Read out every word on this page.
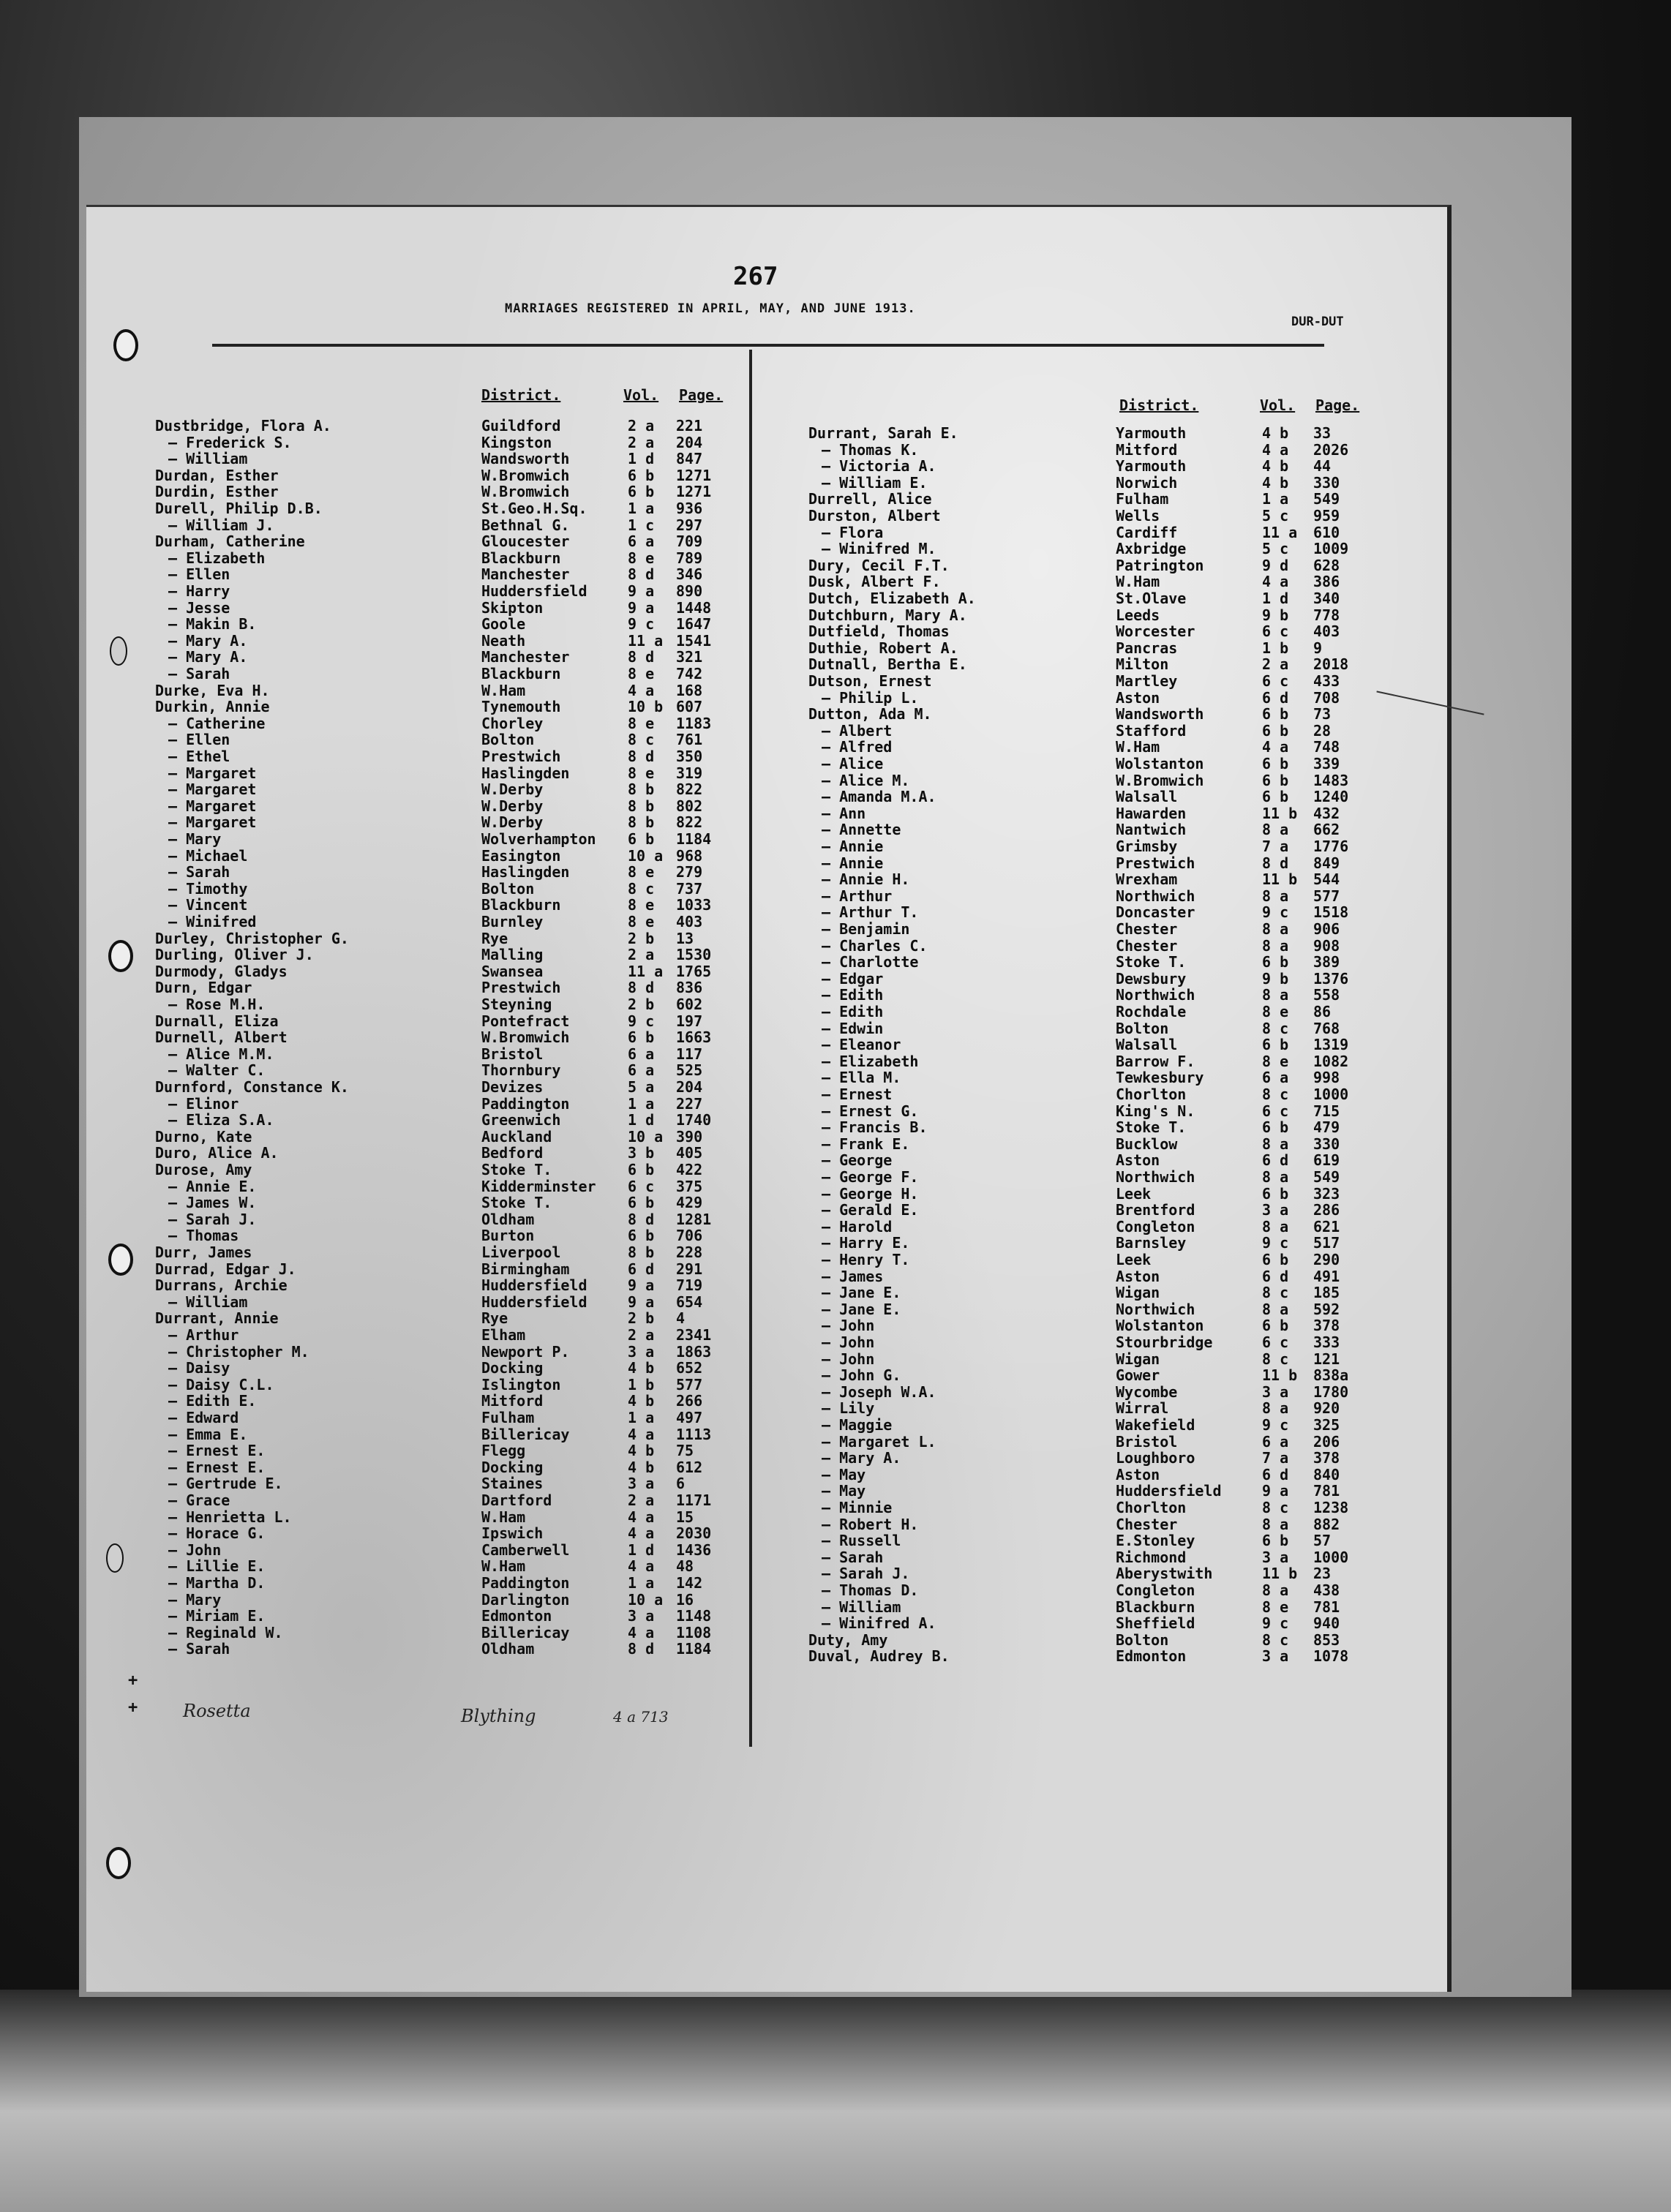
267
MARRIAGES REGISTERED IN APRIL, MAY, AND JUNE 1913.
DUR-DUT
District.	Vol. Page.
District.	Vol. Page.
Dustbridge, Flora A.	Guildford	2 a 221
— Frederick S.	Kingston	2 a 204
— William	Wandsworth	1 d 847
Durdan, Esther	W.Bromwich	6 b 1271
Durdin, Esther	W.Bromwich	6 b 1271
Durell, Philip D.B.	St.Geo.H.Sq.	1 a 936
— William J.	Bethnal G.	1 c 297
Durham, Catherine	Gloucester	6 a 709
— Elizabeth	Blackburn	8 e 789
— Ellen	Manchester	8 d 346
— Harry	Huddersfield	9 a 890
— Jesse	Skipton	9 a 1448
— Makin B.	Goole	9 c 1647
— Mary A.	Neath	11 a 1541
— Mary A.	Manchester	8 d 321
— Sarah	Blackburn	8 e 742
Durke, Eva H.	W.Ham	4 a 168
Durkin, Annie	Tynemouth	10 b 607
— Catherine	Chorley	8 e 1183
— Ellen	Bolton	8 c 761
— Ethel	Prestwich	8 d 350
— Margaret	Haslingden	8 e 319
— Margaret	W.Derby	8 b 822
— Margaret	W.Derby	8 b 802
— Margaret	W.Derby	8 b 822
— Mary	Wolverhampton 6 b 1184
— Michael	Easington	10 a 968
— Sarah	Haslingden	8 e 279
— Timothy	Bolton	8 c 737
— Vincent	Blackburn	8 e 1033
— Winifred	Burnley	8 e 403
Durley, Christopher G.	Rye	2 b 13
Durling, Oliver J.	Malling	2 a 1530
Durmody, Gladys	Swansea	11 a 1765
Durn, Edgar	Prestwich	8 d 836
— Rose M.H.	Steyning	2 b 602
Durnall, Eliza	Pontefract	9 c 197
Durnell, Albert	W.Bromwich	6 b 1663
— Alice M.M.	Bristol	6 a 117
— Walter C.	Thornbury	6 a 525
Durnford, Constance K.	Devizes	5 a 204
— Elinor	Paddington	1 a 227
— Eliza S.A.	Greenwich	1 d 1740
Durno, Kate	Auckland	10 a 390
Duro, Alice A.	Bedford	3 b 405
Durose, Amy	Stoke T.	6 b 422
— Annie E.	Kidderminster 6 c 375
— James W.	Stoke T.	6 b 429
— Sarah J.	Oldham	8 d 1281
— Thomas	Burton	6 b 706
Durr, James	Liverpool	8 b 228
Durrad, Edgar J.	Birmingham	6 d 291
Durrans, Archie	Huddersfield	9 a 719
— William	Huddersfield	9 a 654
Durrant, Annie	Rye	2 b 4
— Arthur	Elham	2 a 2341
— Christopher M.	Newport P.	3 a 1863
— Daisy	Docking	4 b 652
— Daisy C.L.	Islington	1 b 577
— Edith E.	Mitford	4 b 266
— Edward	Fulham	1 a 497
— Emma E.	Billericay	4 a 1113
— Ernest E.	Flegg	4 b 75
— Ernest E.	Docking	4 b 612
— Gertrude E.	Staines	3 a 6
— Grace	Dartford	2 a 1171
— Henrietta L.	W.Ham	4 a 15
— Horace G.	Ipswich	4 a 2030
— John	Camberwell	1 d 1436
— Lillie E.	W.Ham	4 a 48
— Martha D.	Paddington	1 a 142
— Mary	Darlington	10 a 16
— Miriam E.	Edmonton	3 a 1148
— Reginald W.	Billericay	4 a 1108
— Sarah	Oldham	8 d 1184
Durrant, Sarah E.	Yarmouth	4 b 33
— Thomas K.	Mitford	4 a 2026
— Victoria A.	Yarmouth	4 b 44
— William E.	Norwich	4 b 330
Durrell, Alice	Fulham	1 a 549
Durston, Albert	Wells	5 c 959
— Flora	Cardiff	11 a 610
— Winifred M.	Axbridge	5 c 1009
Dury, Cecil F.T.	Patrington	9 d 628
Dusk, Albert F.	W.Ham	4 a 386
Dutch, Elizabeth A.	St.Olave	1 d 340
Dutchburn, Mary A.	Leeds	9 b 778
Dutfield, Thomas	Worcester	6 c 403
Duthie, Robert A.	Pancras	1 b 9
Dutnall, Bertha E.	Milton	2 a 2018
Dutson, Ernest	Martley	6 c 433
— Philip L.	Aston	6 d 708
Dutton, Ada M.	Wandsworth	6 b 73
— Albert	Stafford	6 b 28
— Alfred	W.Ham	4 a 748
— Alice	Wolstanton	6 b 339
— Alice M.	W.Bromwich	6 b 1483
— Amanda M.A.	Walsall	6 b 1240
— Ann	Hawarden	11 b 432
— Annette	Nantwich	8 a 662
— Annie	Grimsby	7 a 1776
— Annie	Prestwich	8 d 849
— Annie H.	Wrexham	11 b 544
— Arthur	Northwich	8 a 577
— Arthur T.	Doncaster	9 c 1518
— Benjamin	Chester	8 a 906
— Charles C.	Chester	8 a 908
— Charlotte	Stoke T.	6 b 389
— Edgar	Dewsbury	9 b 1376
— Edith	Northwich	8 a 558
— Edith	Rochdale	8 e 86
— Edwin	Bolton	8 c 768
— Eleanor	Walsall	6 b 1319
— Elizabeth	Barrow F.	8 e 1082
— Ella M.	Tewkesbury	6 a 998
— Ernest	Chorlton	8 c 1000
— Ernest G.	King's N.	6 c 715
— Francis B.	Stoke T.	6 b 479
— Frank E.	Bucklow	8 a 330
— George	Aston	6 d 619
— George F.	Northwich	8 a 549
— George H.	Leek	6 b 323
— Gerald E.	Brentford	3 a 286
— Harold	Congleton	8 a 621
— Harry E.	Barnsley	9 c 517
— Henry T.	Leek	6 b 290
— James	Aston	6 d 491
— Jane E.	Wigan	8 c 185
— Jane E.	Northwich	8 a 592
— John	Wolstanton	6 b 378
— John	Stourbridge	6 c 333
— John	Wigan	8 c 121
— John G.	Gower	11 b 838a
— Joseph W.A.	Wycombe	3 a 1780
— Lily	Wirral	8 a 920
— Maggie	Wakefield	9 c 325
— Margaret L.	Bristol	6 a 206
— Mary A.	Loughboro	7 a 378
— May	Aston	6 d 840
— May	Huddersfield	9 a 781
— Minnie	Chorlton	8 c 1238
— Robert H.	Chester	8 a 882
— Russell	E.Stonley	6 b 57
— Sarah	Richmond	3 a 1000
— Sarah J.	Aberystwith	11 b 23
— Thomas D.	Congleton	8 a 438
— William	Blackburn	8 e 781
— Winifred A.	Sheffield	9 c 940
Duty, Amy	Bolton	8 c 853
Duval, Audrey B.	Edmonton	3 a 1078
+
+	Rosetta	Blything	4 a 713
